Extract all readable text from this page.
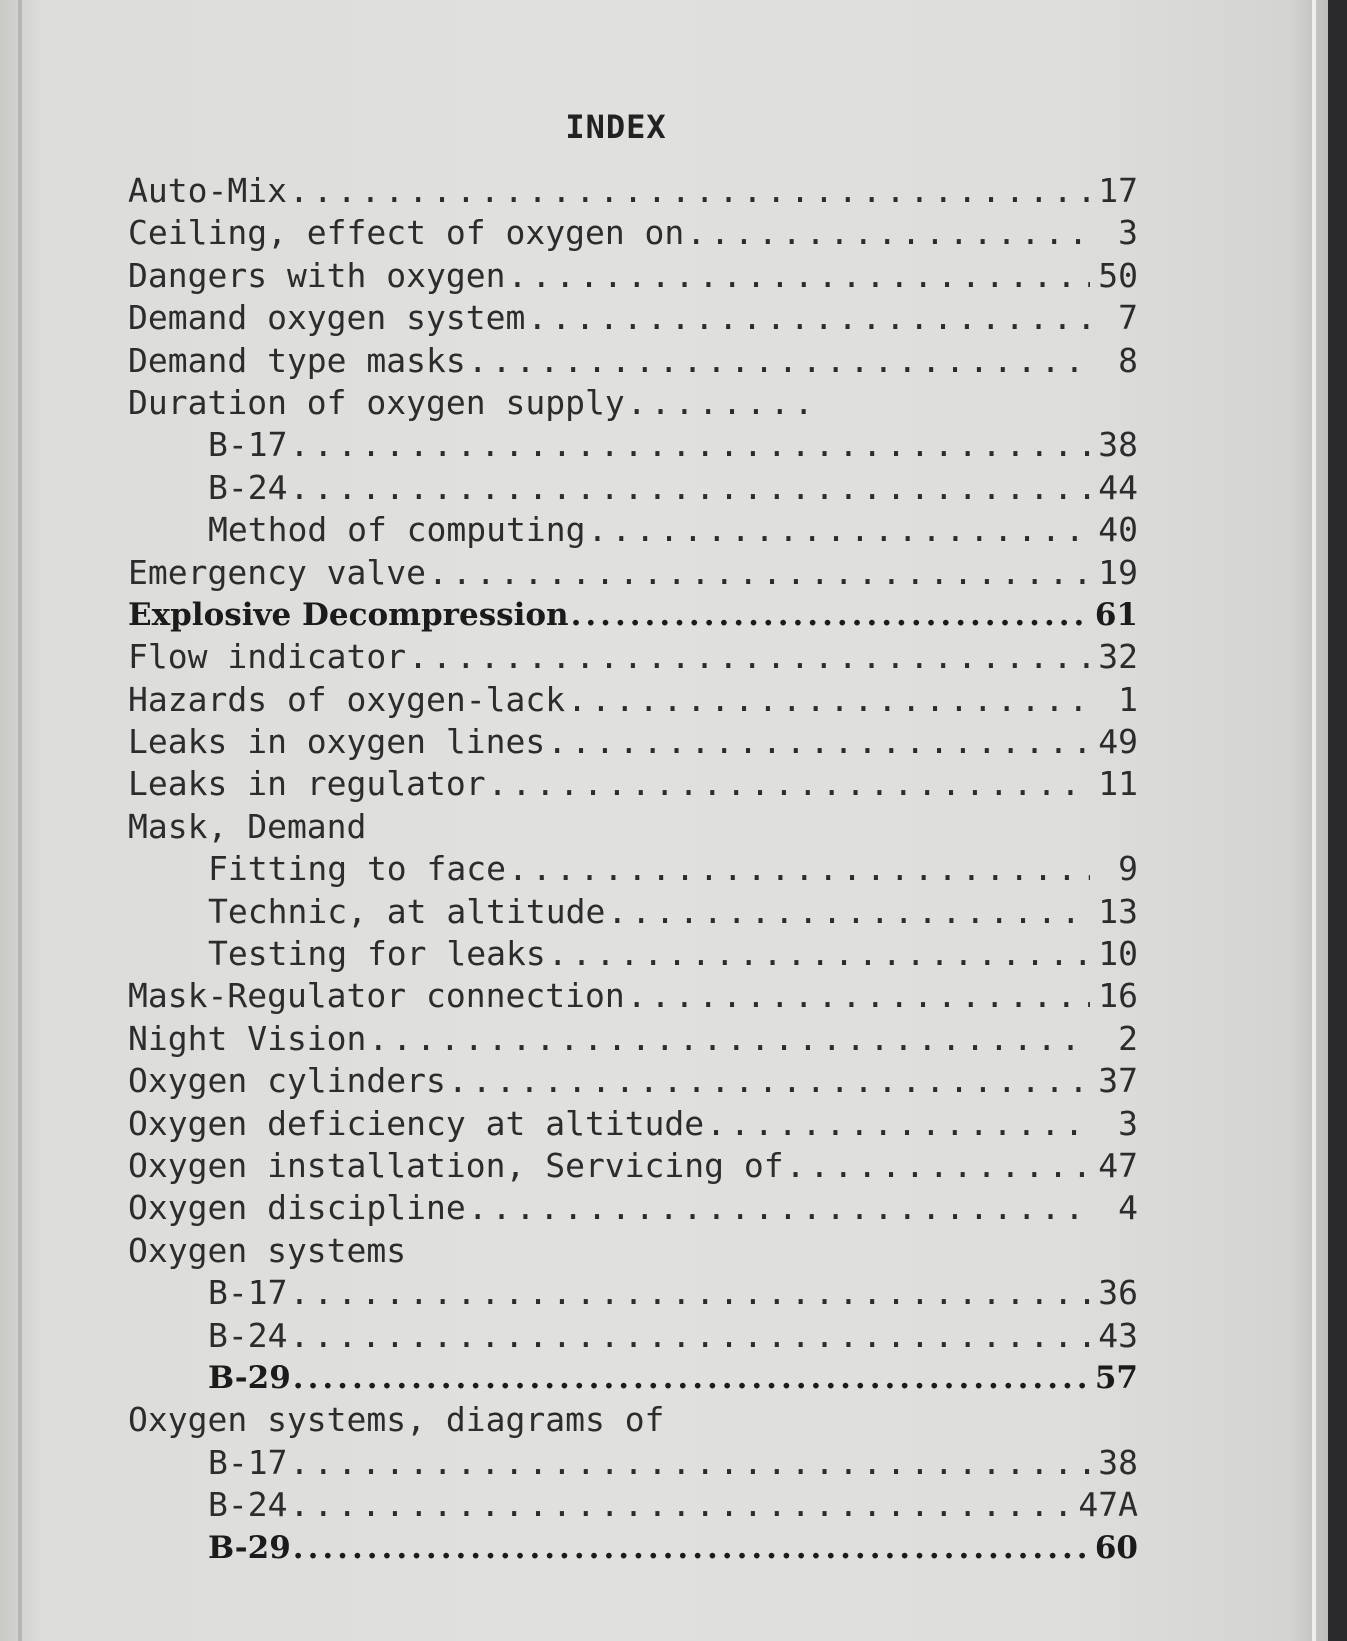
INDEX
Auto-Mix .....	17
Ceiling, effect of oxygen on .....	3
Dangers with oxygen .....	50
Demand oxygen system .....	7
Demand type masks .....	8
Duration of oxygen supply
.....
B-17 .....	38
B-24 .....	44
Method of computing .....	40
Emergency valve .....	19
Explosive Decompression .....	61
Flow indicator .....	32
Hazards of oxygen-lack .....	1
Leaks in oxygen lines .....	49
Leaks in regulator .....	11
Mask, Demand
Fitting to face .....	9
Technic, at altitude .....	13
Testing for leaks .....	10
Mask-Regulator connection .....	16
Night Vision .....	2
Oxygen cylinders .....	37
Oxygen deficiency at altitude .....	3
Oxygen installation, Servicing of .....	47
Oxygen discipline .....	4
Oxygen systems
B-17 .....	36
B-24 .....	43
B-29 .....	57
Oxygen systems, diagrams of
B-17 .....	38
B-24 .....	47A
B-29 .....	60
